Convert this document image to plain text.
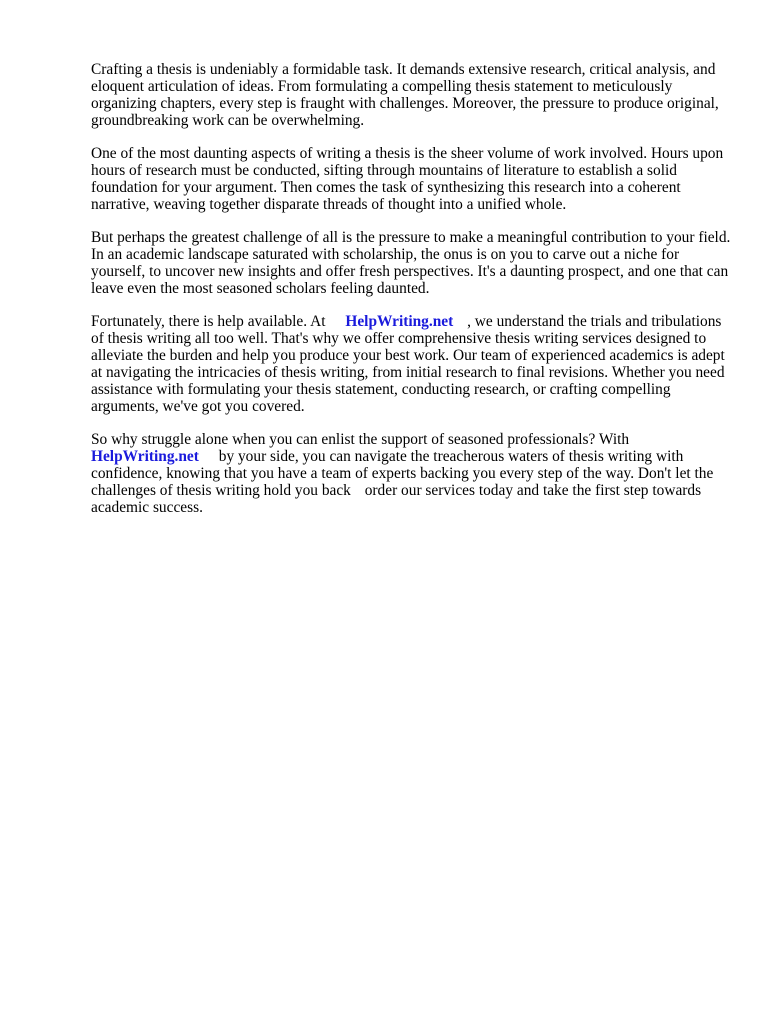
Crafting a thesis is undeniably a formidable task. It demands extensive research, critical analysis, and eloquent articulation of ideas. From formulating a compelling thesis statement to meticulously organizing chapters, every step is fraught with challenges. Moreover, the pressure to produce original, groundbreaking work can be overwhelming.

One of the most daunting aspects of writing a thesis is the sheer volume of work involved. Hours upon hours of research must be conducted, sifting through mountains of literature to establish a solid foundation for your argument. Then comes the task of synthesizing this research into a coherent narrative, weaving together disparate threads of thought into a unified whole.

But perhaps the greatest challenge of all is the pressure to make a meaningful contribution to your field. In an academic landscape saturated with scholarship, the onus is on you to carve out a niche for yourself, to uncover new insights and offer fresh perspectives. It's a daunting prospect, and one that can leave even the most seasoned scholars feeling daunted.

Fortunately, there is help available. At HelpWriting.net , we understand the trials and tribulations of thesis writing all too well. That's why we offer comprehensive thesis writing services designed to alleviate the burden and help you produce your best work. Our team of experienced academics is adept at navigating the intricacies of thesis writing, from initial research to final revisions. Whether you need assistance with formulating your thesis statement, conducting research, or crafting compelling arguments, we've got you covered.

So why struggle alone when you can enlist the support of seasoned professionals? With HelpWriting.net by your side, you can navigate the treacherous waters of thesis writing with confidence, knowing that you have a team of experts backing you every step of the way. Don't let the challenges of thesis writing hold you back order our services today and take the first step towards academic success.
